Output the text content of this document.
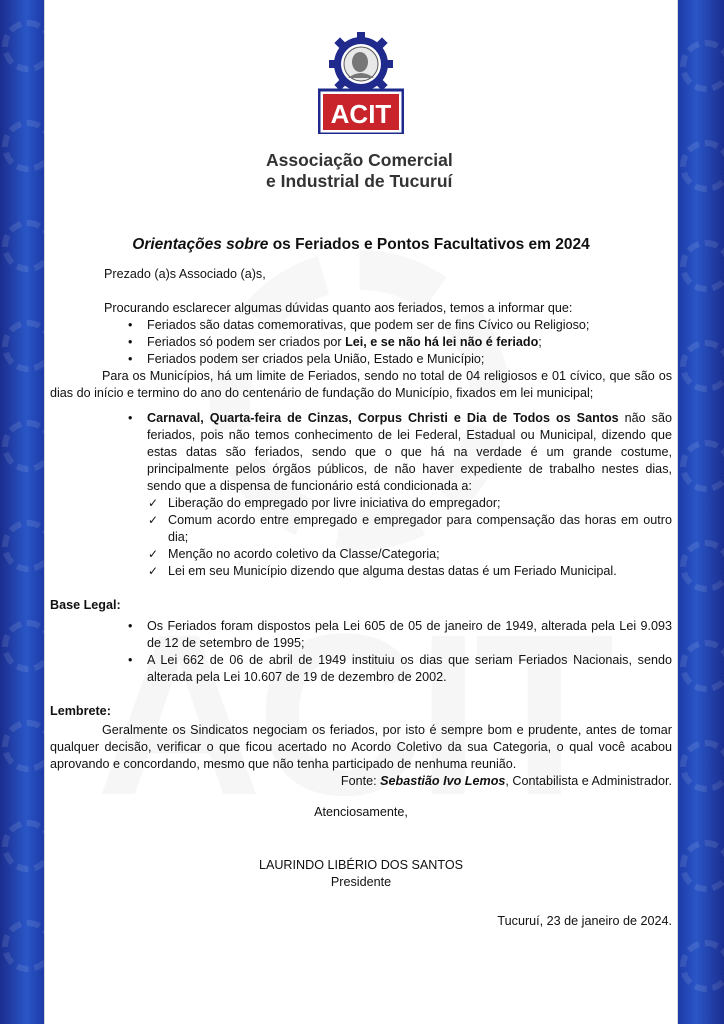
ACIT
Associação Comercial
e Industrial de Tucuruí
Orientações sobre os Feriados e Pontos Facultativos em 2024

Prezado (a)s Associado (a)s,

Procurando esclarecer algumas dúvidas quanto aos feriados, temos a informar que:

• Feriados são datas comemorativas, que podem ser de fins Cívico ou Religioso;
• Feriados só podem ser criados por Lei, e se não há lei não é feriado;
• Feriados podem ser criados pela União, Estado e Município;

Para os Municípios, há um limite de Feriados, sendo no total de 04 religiosos e 01 cívico, que são os dias do início e termino do ano do centenário de fundação do Município, fixados em lei municipal;

• Carnaval, Quarta-feira de Cinzas, Corpus Christi e Dia de Todos os Santos não são feriados, pois não temos conhecimento de lei Federal, Estadual ou Municipal, dizendo que estas datas são feriados, sendo que o que há na verdade é um grande costume, principalmente pelos órgãos públicos, de não haver expediente de trabalho nestes dias, sendo que a dispensa de funcionário está condicionada a:
✓ Liberação do empregado por livre iniciativa do empregador;
✓ Comum acordo entre empregado e empregador para compensação das horas em outro dia;
✓ Menção no acordo coletivo da Classe/Categoria;
✓ Lei em seu Município dizendo que alguma destas datas é um Feriado Municipal.

Base Legal:

• Os Feriados foram dispostos pela Lei 605 de 05 de janeiro de 1949, alterada pela Lei 9.093 de 12 de setembro de 1995;
• A Lei 662 de 06 de abril de 1949 instituiu os dias que seriam Feriados Nacionais, sendo alterada pela Lei 10.607 de 19 de dezembro de 2002.

Lembrete:

Geralmente os Sindicatos negociam os feriados, por isto é sempre bom e prudente, antes de tomar qualquer decisão, verificar o que ficou acertado no Acordo Coletivo da sua Categoria, o qual você acabou aprovando e concordando, mesmo que não tenha participado de nenhuma reunião.

Fonte: Sebastião Ivo Lemos, Contabilista e Administrador.

Atenciosamente,

LAURINDO LIBÉRIO DOS SANTOS

Presidente

Tucuruí, 23 de janeiro de 2024.
